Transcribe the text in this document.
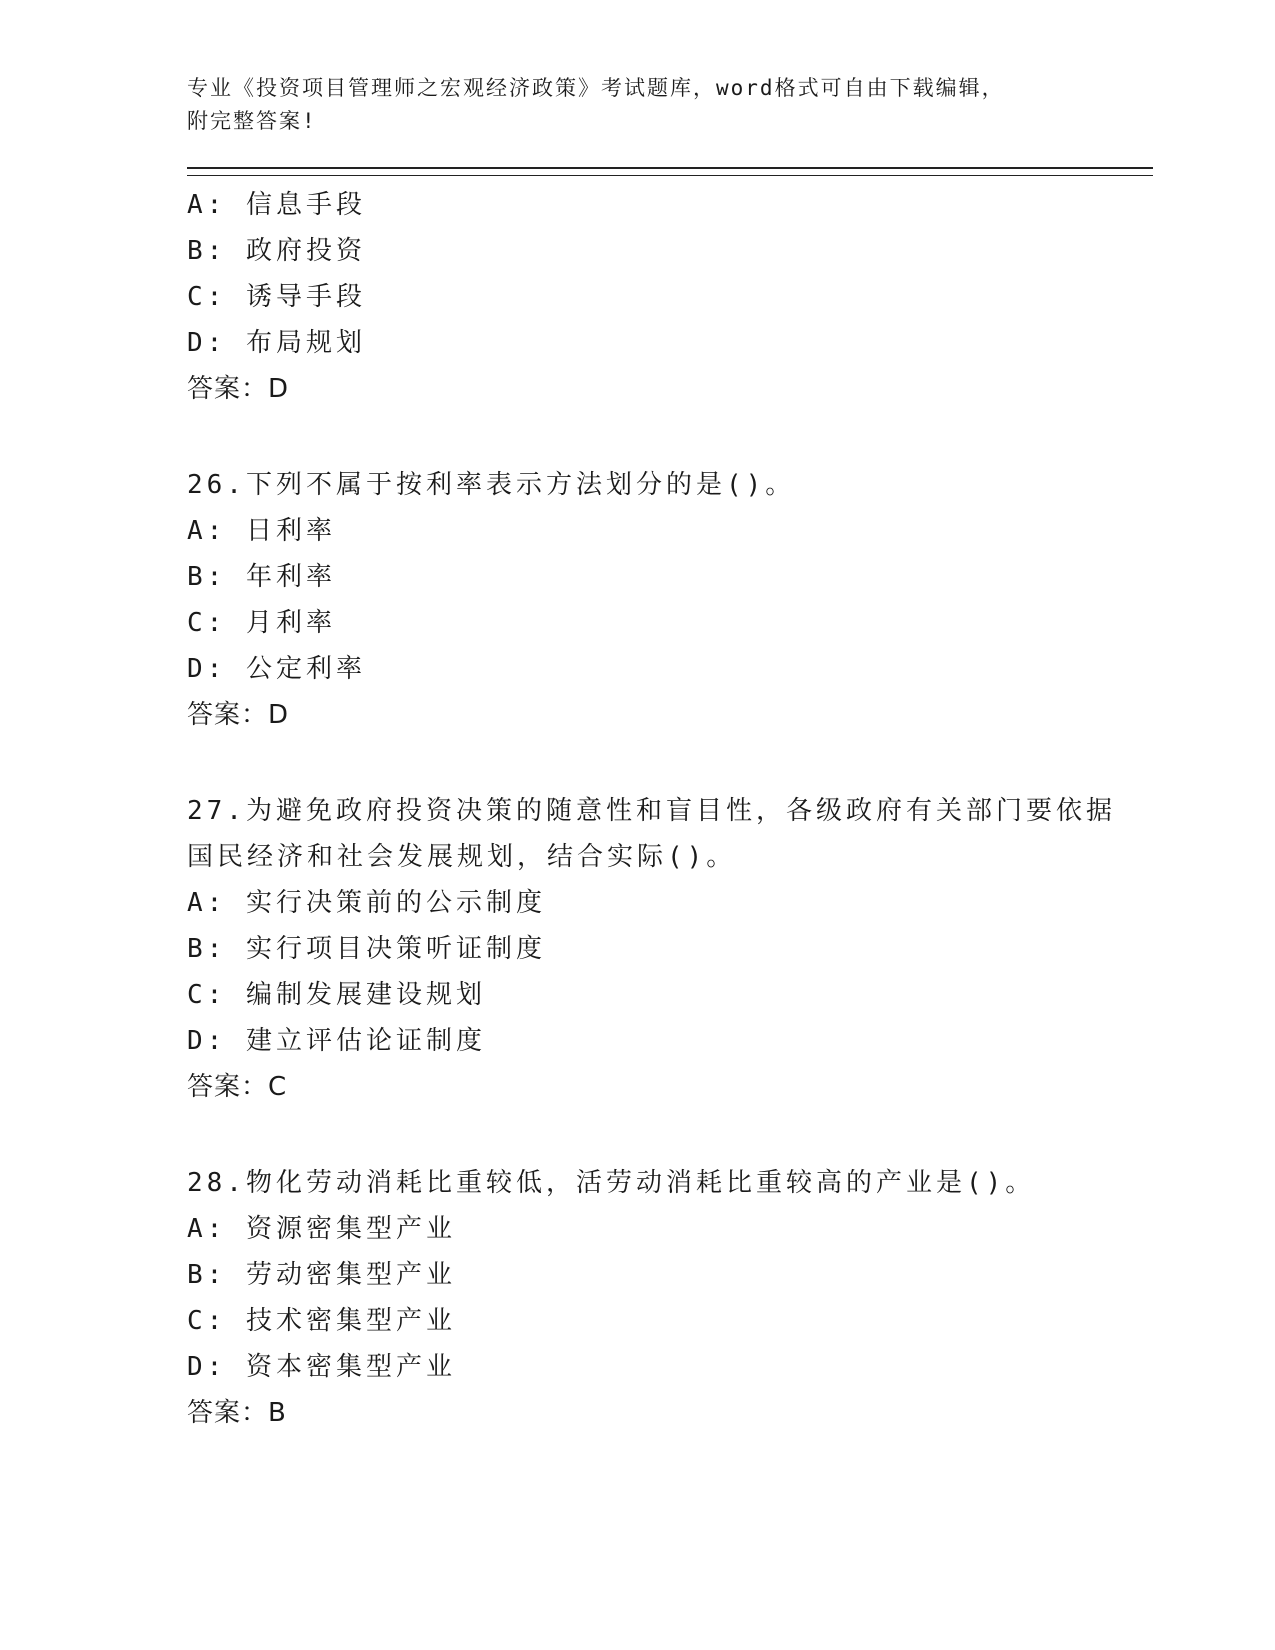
专业《投资项目管理师之宏观经济政策》考试题库，word格式可自由下载编辑，

附完整答案!

A: 信息手段

B: 政府投资

C: 诱导手段

D: 布局规划

答案：D

26.下列不属于按利率表示方法划分的是()。

A: 日利率

B: 年利率

C: 月利率

D: 公定利率

答案：D

27.为避免政府投资决策的随意性和盲目性，各级政府有关部门要依据

国民经济和社会发展规划，结合实际()。

A: 实行决策前的公示制度

B: 实行项目决策听证制度

C: 编制发展建设规划

D: 建立评估论证制度

答案：C

28.物化劳动消耗比重较低，活劳动消耗比重较高的产业是()。

A: 资源密集型产业

B: 劳动密集型产业

C: 技术密集型产业

D: 资本密集型产业

答案：B
